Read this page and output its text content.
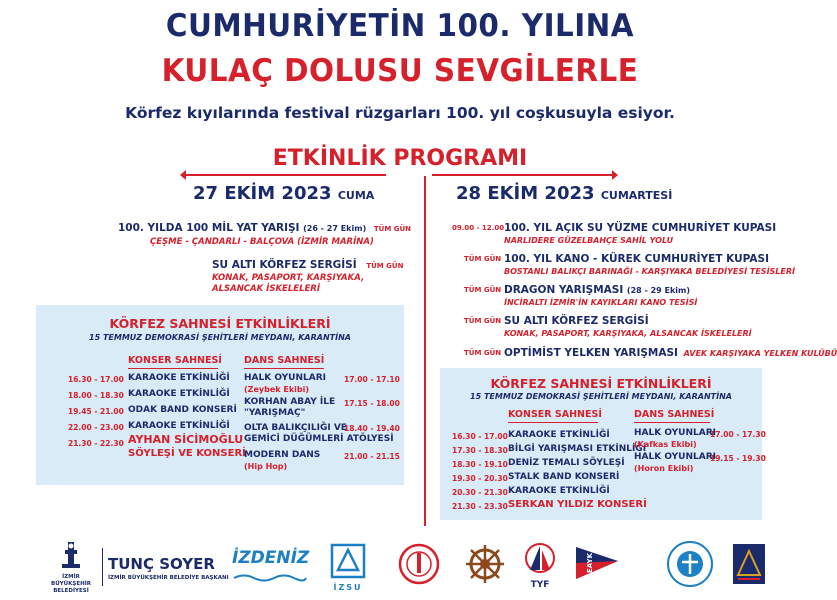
CUMHURİYETİN 100. YILINA
KULAÇ DOLUSU SEVGİLERLE
Körfez kıyılarında festival rüzgarları 100. yıl coşkusuyla esiyor.
ETKİNLİK PROGRAMI
27 EKİM 2023 CUMA
100. YILDA 100 MİL YAT YARIŞI (26 - 27 Ekim) TÜM GÜN
ÇEŞME - ÇANDARLI - BALÇOVA (İZMİR MARİNA)
SU ALTI KÖRFEZ SERGİSİ TÜM GÜN
KONAK, PASAPORT, KARŞIYAKA,
ALSANCAK İSKELELERİ
KÖRFEZ SAHNESİ ETKİNLİKLERİ
15 TEMMUZ DEMOKRASİ ŞEHİTLERİ MEYDANI, KARANTİNA
KONSER SAHNESİ DANS SAHNESİ
16.30 - 17.00 KARAOKE ETKİNLİĞİ
18.00 - 18.30 KARAOKE ETKİNLİĞİ
19.45 - 21.00 ODAK BAND KONSERİ
22.00 - 23.00 KARAOKE ETKİNLİĞİ
21.30 - 22.30 AYHAN SİCİMOĞLU
SÖYLEŞİ VE KONSERİ
HALK OYUNLARI
(Zeybek Ekibi)
17.00 - 17.10
KORHAN ABAY İLE
"YARIŞMAÇ"
17.15 - 18.00
OLTA BALIKÇILIĞI VE
GEMİCİ DÜĞÜMLERİ ATÖLYESİ
18.40 - 19.40
MODERN DANS
(Hip Hop)
21.00 - 21.15
28 EKİM 2023 CUMARTESİ
09.00 - 12.00 100. YIL AÇIK SU YÜZME CUMHURİYET KUPASI
NARLIDERE GÜZELBAHÇE SAHİL YOLU
TÜM GÜN 100. YIL KANO - KÜREK CUMHURİYET KUPASI
BOSTANLI BALIKÇI BARINAĞI - KARŞIYAKA BELEDİYESİ TESİSLERİ
TÜM GÜN DRAGON YARIŞMASI (28 - 29 Ekim)
İNCİRALTI İZMİR'İN KAYIKLARI KANO TESİSİ
TÜM GÜN SU ALTI KÖRFEZ SERGİSİ
KONAK, PASAPORT, KARŞIYAKA, ALSANCAK İSKELELERİ
TÜM GÜN OPTİMİST YELKEN YARIŞMASI AVEK KARŞIYAKA YELKEN KULÜBÜ
KÖRFEZ SAHNESİ ETKİNLİKLERİ
15 TEMMUZ DEMOKRASİ ŞEHİTLERİ MEYDANI, KARANTİNA
KONSER SAHNESİ	DANS SAHNESİ
16.30 - 17.00 KARAOKE ETKİNLİĞİ
17.30 - 18.30 BİLGİ YARIŞMASI ETKİNLİĞİ
18.30 - 19.10 DENİZ TEMALI SÖYLEŞİ
19.30 - 20.30 STALK BAND KONSERİ
20.30 - 21.30 KARAOKE ETKİNLİĞİ
21.30 - 23.30 SERKAN YILDIZ KONSERİ
HALK OYUNLARI
(Kafkas Ekibi)
17.00 - 17.30
HALK OYUNLARI
(Horon Ekibi)
19.15 - 19.30
İZMİR
BÜYÜKŞEHİR
BELEDİYESİ
TUNÇ SOYER
İZMİR BÜYÜKŞEHİR BELEDİYE BAŞKANI
İZDENİZ
İZSU	TYF
EAYK
